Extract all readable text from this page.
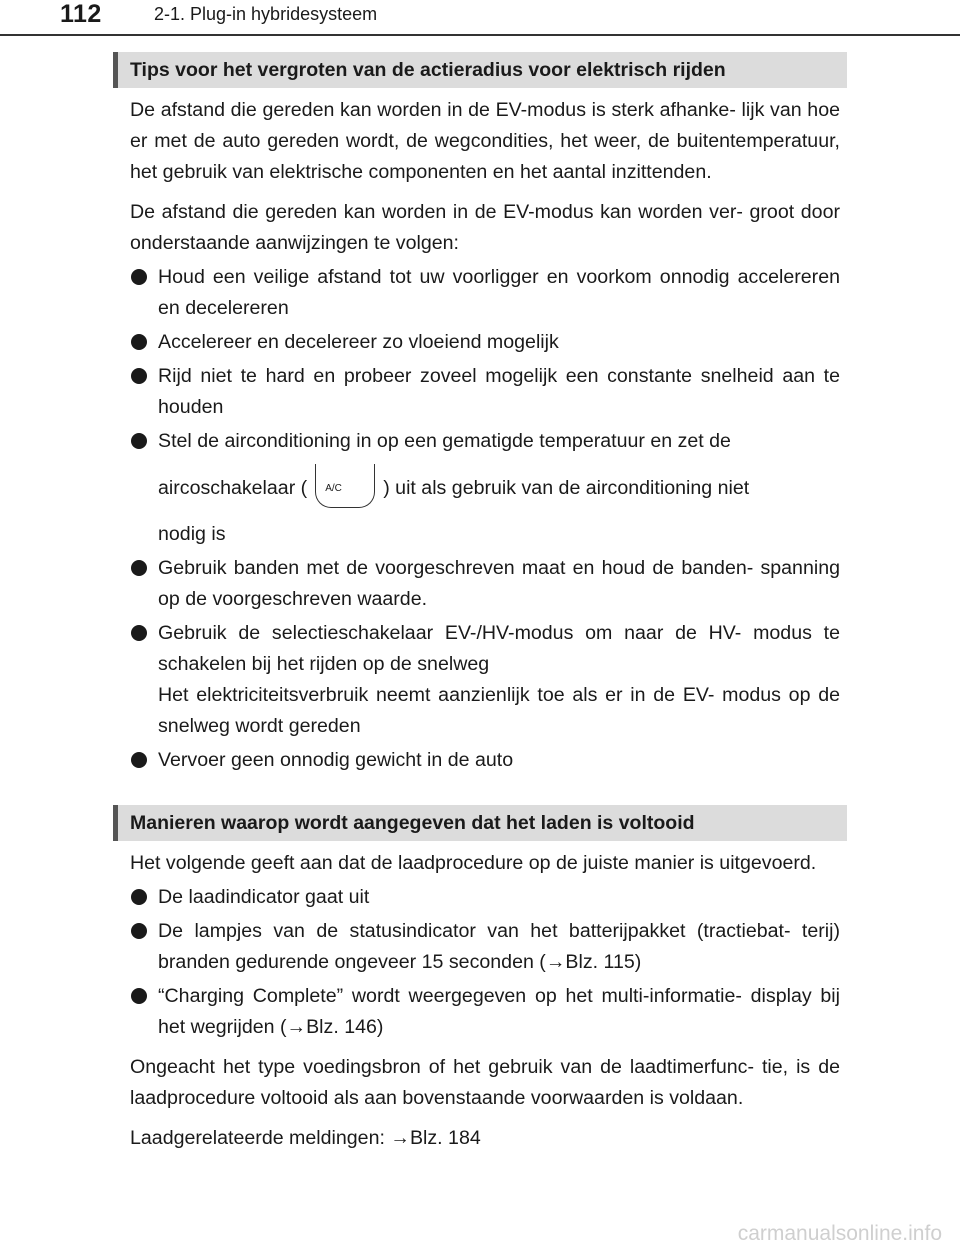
112	2-1. Plug-in hybridesysteem
Tips voor het vergroten van de actieradius voor elektrisch rijden

De afstand die gereden kan worden in de EV-modus is sterk afhanke- lijk van hoe er met de auto gereden wordt, de wegcondities, het weer, de buitentemperatuur, het gebruik van elektrische componenten en het aantal inzittenden.

De afstand die gereden kan worden in de EV-modus kan worden ver- groot door onderstaande aanwijzingen te volgen:

Houd een veilige afstand tot uw voorligger en voorkom onnodig accelereren en decelereren

Accelereer en decelereer zo vloeiend mogelijk

Rijd niet te hard en probeer zoveel mogelijk een constante snelheid aan te houden

Stel de airconditioning in op een gematigde temperatuur en zet de

aircoschakelaar ( A/C ) uit als gebruik van de airconditioning niet

nodig is

Gebruik banden met de voorgeschreven maat en houd de banden- spanning op de voorgeschreven waarde.

Gebruik de selectieschakelaar EV-/HV-modus om naar de HV- modus te schakelen bij het rijden op de snelweg

Het elektriciteitsverbruik neemt aanzienlijk toe als er in de EV- modus op de snelweg wordt gereden

Vervoer geen onnodig gewicht in de auto

Manieren waarop wordt aangegeven dat het laden is voltooid

Het volgende geeft aan dat de laadprocedure op de juiste manier is uitgevoerd.

De laadindicator gaat uit

De lampjes van de statusindicator van het batterijpakket (tractiebat- terij) branden gedurende ongeveer 15 seconden (→Blz. 115)

“Charging Complete” wordt weergegeven op het multi-informatie- display bij het wegrijden (→Blz. 146)

Ongeacht het type voedingsbron of het gebruik van de laadtimerfunc- tie, is de laadprocedure voltooid als aan bovenstaande voorwaarden is voldaan.

Laadgerelateerde meldingen: →Blz. 184

carmanualsonline.info
